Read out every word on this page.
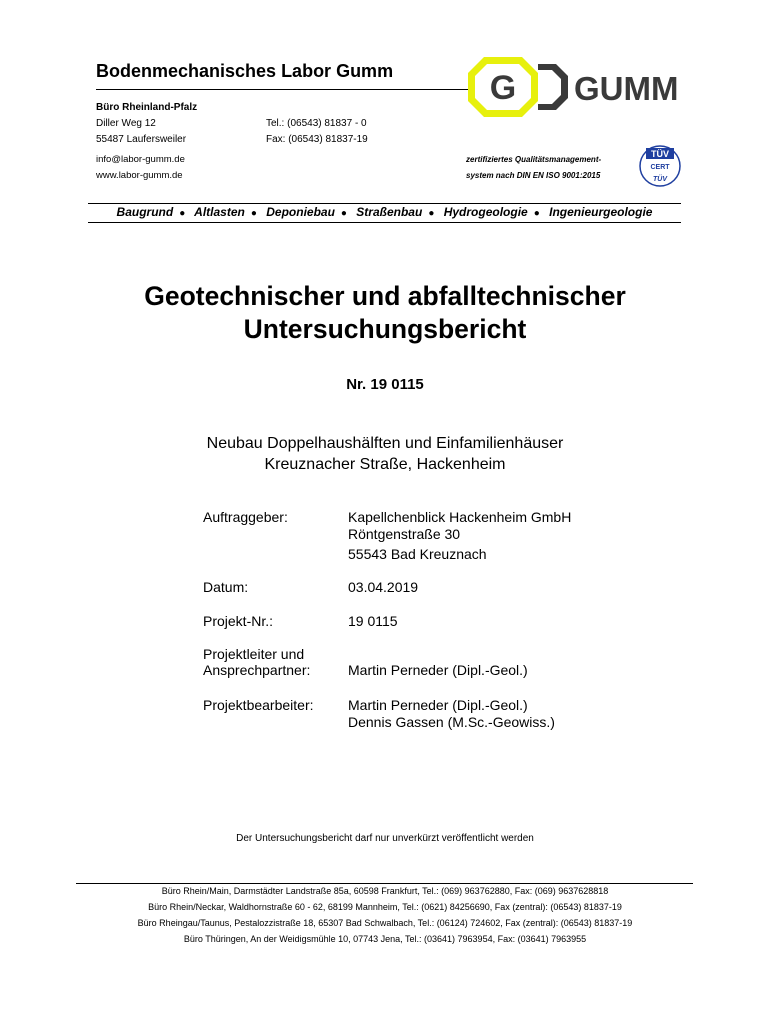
Bodenmechanisches Labor Gumm
Büro Rheinland-Pfalz
Diller Weg 12
55487 Laufersweiler
Tel.: (06543) 81837 - 0
Fax: (06543) 81837-19
info@labor-gumm.de
www.labor-gumm.de
G GUMM
zertifiziertes Qualitätsmanagement-
system nach DIN EN ISO 9001:2015
TÜV
CERT
TÜV
Baugrund ● Altlasten ● Deponiebau ● Straßenbau ● Hydrogeologie ● Ingenieurgeologie
Geotechnischer und abfalltechnischer
Untersuchungsbericht
Nr. 19 0115
Neubau Doppelhaushälften und Einfamilienhäuser
Kreuznacher Straße, Hackenheim
Auftraggeber:	Kapellchenblick Hackenheim GmbH
Röntgenstraße 30
55543 Bad Kreuznach
Datum:	03.04.2019
Projekt-Nr.:	19 0115
Projektleiter und
Ansprechpartner:	Martin Perneder (Dipl.-Geol.)
Projektbearbeiter: Martin Perneder (Dipl.-Geol.)
Dennis Gassen (M.Sc.-Geowiss.)
Der Untersuchungsbericht darf nur unverkürzt veröffentlicht werden
Büro Rhein/Main, Darmstädter Landstraße 85a, 60598 Frankfurt, Tel.: (069) 963762880, Fax: (069) 9637628818
Büro Rhein/Neckar, Waldhornstraße 60 - 62, 68199 Mannheim, Tel.: (0621) 84256690, Fax (zentral): (06543) 81837-19
Büro Rheingau/Taunus, Pestalozzistraße 18, 65307 Bad Schwalbach, Tel.: (06124) 724602, Fax (zentral): (06543) 81837-19
Büro Thüringen, An der Weidigsmühle 10, 07743 Jena, Tel.: (03641) 7963954, Fax: (03641) 7963955
